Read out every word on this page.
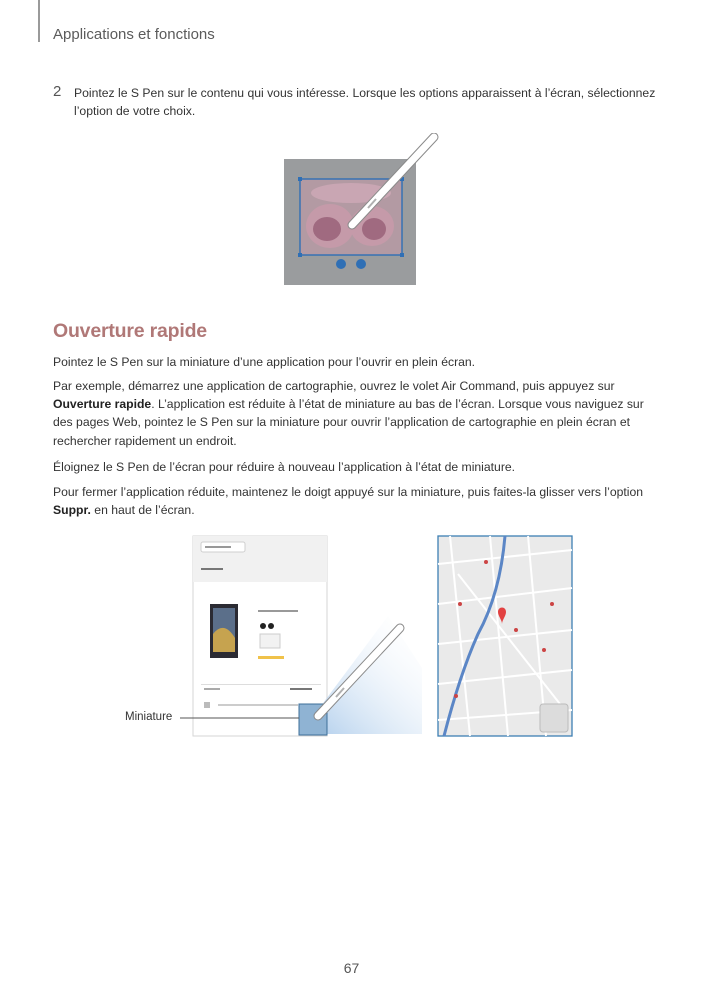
Applications et fonctions
2 Pointez le S Pen sur le contenu qui vous intéresse. Lorsque les options apparaissent à l’écran, sélectionnez l’option de votre choix.
Ouverture rapide
Pointez le S Pen sur la miniature d’une application pour l’ouvrir en plein écran.
Par exemple, démarrez une application de cartographie, ouvrez le volet Air Command, puis appuyez sur Ouverture rapide. L’application est réduite à l’état de miniature au bas de l’écran. Lorsque vous naviguez sur des pages Web, pointez le S Pen sur la miniature pour ouvrir l’application de cartographie en plein écran et rechercher rapidement un endroit.
Éloignez le S Pen de l’écran pour réduire à nouveau l’application à l’état de miniature.
Pour fermer l’application réduite, maintenez le doigt appuyé sur la miniature, puis faites-la glisser vers l’option Suppr. en haut de l’écran.
Miniature
67
